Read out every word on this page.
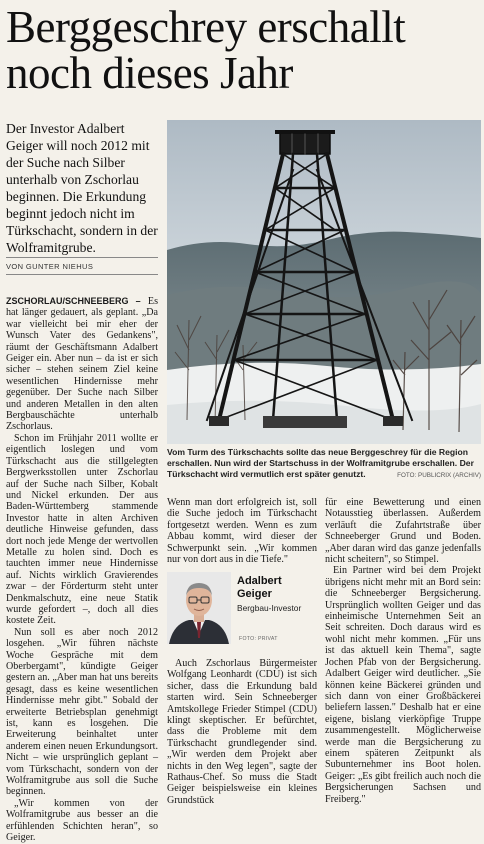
Berggeschrey erschallt
noch dieses Jahr

Der Investor Adalbert Geiger will noch 2012 mit der Suche nach Silber unterhalb von Zschorlau beginnen. Die Erkundung beginnt jedoch nicht im Türkschacht, sondern in der Wolframitgrube.

VON GUNTER NIEHUS

ZSCHORLAU/SCHNEEBERG – Es hat länger gedauert, als geplant. „Da war vielleicht bei mir eher der Wunsch Vater des Gedankens", räumt der Geschäftsmann Adalbert Geiger ein. Aber nun – da ist er sich sicher – stehen seinem Ziel keine wesentlichen Hindernisse mehr gegenüber. Der Suche nach Silber und anderen Metallen in den alten Bergbauschächte unterhalb Zschorlaus.

Schon im Frühjahr 2011 wollte er eigentlich loslegen und vom Türkschacht aus die stillgelegten Bergwerksstollen unter Zschorlau auf der Suche nach Silber, Kobalt und Nickel erkunden. Der aus Baden-Württemberg stammende Investor hatte in alten Archiven deutliche Hinweise gefunden, dass dort noch jede Menge der wertvollen Metalle zu holen sind. Doch es tauchten immer neue Hindernisse auf. Nichts wirklich Gravierendes zwar – der Förderturm steht unter Denkmalschutz, eine neue Statik wurde gefordert –, doch all dies kostete Zeit.

Nun soll es aber noch 2012 losgehen. „Wir führen nächste Woche Gespräche mit dem Oberbergamt", kündigte Geiger gestern an. „Aber man hat uns bereits gesagt, dass es keine wesentlichen Hindernisse mehr gibt." Sobald der erweiterte Betriebsplan genehmigt ist, kann es losgehen. Die Erweiterung beinhaltet unter anderem einen neuen Erkundungsort. Nicht – wie ursprünglich geplant – vom Türkschacht, sondern von der Wolframitgrube aus soll die Suche beginnen.

„Wir kommen von der Wolframitgrube aus besser an die erfühlenden Schichten heran", so Geiger.

Vom Turm des Türkschachts sollte das neue Berggeschrey für die Region erschallen. Nun wird der Startschuss in der Wolframitgrube erschallen. Der Türkschacht wird vermutlich erst später genutzt.	FOTO: PUBLICRIX (ARCHIV)

Wenn man dort erfolgreich ist, soll die Suche jedoch im Türkschacht fortgesetzt werden. Wenn es zum Abbau kommt, wird dieser der Schwerpunkt sein. „Wir kommen nur von dort aus in die Tiefe."

Adalbert
Geiger
Bergbau-Investor
FOTO: PRIVAT

Auch Zschorlaus Bürgermeister Wolfgang Leonhardt (CDU) ist sich sicher, dass die Erkundung bald starten wird. Sein Schneeberger Amtskollege Frieder Stimpel (CDU) klingt skeptischer. Er befürchtet, dass die Probleme mit dem Türkschacht grundlegender sind. „Wir werden dem Projekt aber nichts in den Weg legen", sagte der Rathaus-Chef. So muss die Stadt Geiger beispielsweise ein kleines Grundstück

für eine Bewetterung und einen Notausstieg überlassen. Außerdem verläuft die Zufahrtstraße über Schneeberger Grund und Boden. „Aber daran wird das ganze jedenfalls nicht scheitern", so Stimpel.

Ein Partner wird bei dem Projekt übrigens nicht mehr mit an Bord sein: die Schneeberger Bergsicherung. Ursprünglich wollten Geiger und das einheimische Unternehmen Seit an Seit schreiten. Doch daraus wird es wohl nicht mehr kommen. „Für uns ist das aktuell kein Thema", sagte Jochen Pfab von der Bergsicherung. Adalbert Geiger wird deutlicher. „Sie können keine Bäckerei gründen und sich dann von einer Großbäckerei beliefern lassen." Deshalb hat er eine eigene, bislang vierköpfige Truppe zusammengestellt. Möglicherweise werde man die Bergsicherung zu einem späteren Zeitpunkt als Subunternehmer ins Boot holen. Geiger: „Es gibt freilich auch noch die Bergsicherungen Sachsen und Freiberg."
